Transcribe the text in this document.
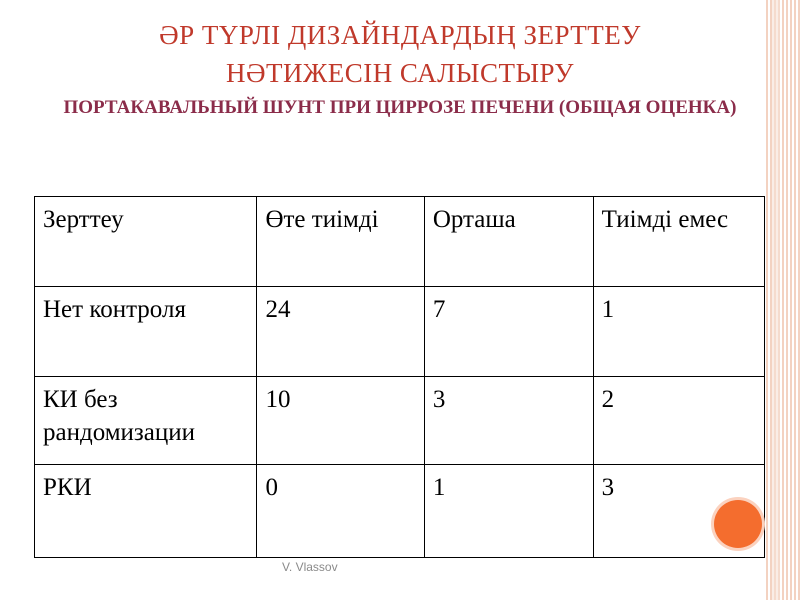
ӘР ТҮРЛІ ДИЗАЙНДАРДЫҢ ЗЕРТТЕУ
НӘТИЖЕСІН САЛЫСТЫРУ
ПОРТАКАВАЛЬНЫЙ ШУНТ ПРИ ЦИРРОЗЕ ПЕЧЕНИ (ОБЩАЯ ОЦЕНКА)
Зерттеу	Өте тиімді	Орташа	Тиімді емес
Нет контроля	24	7	1
КИ без рандомизации	10	3	2
РКИ	0	1	3
V. Vlassov
